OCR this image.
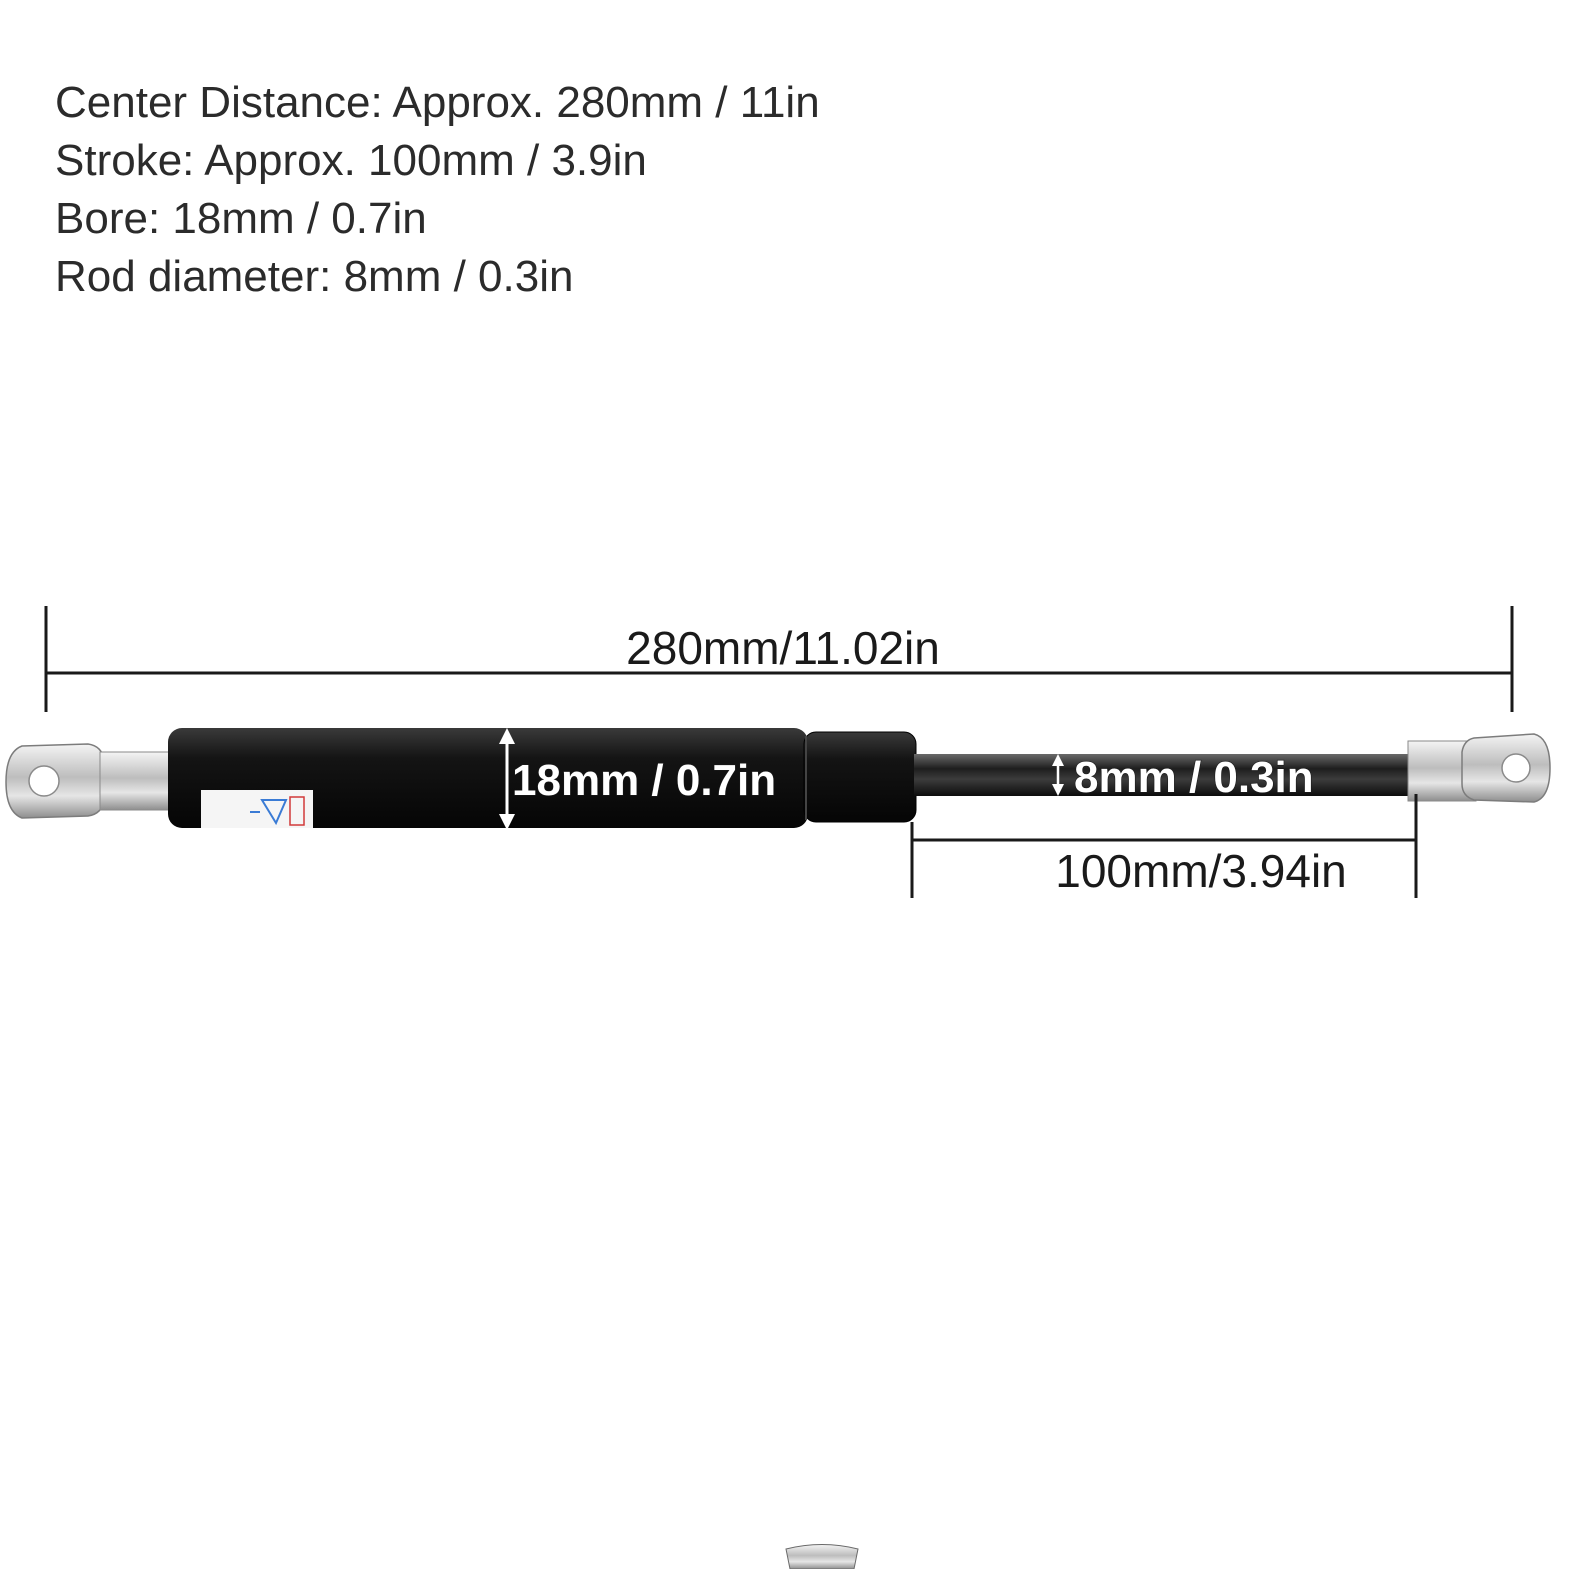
Center Distance: Approx. 280mm / 11in
Stroke: Approx. 100mm / 3.9in
Bore: 18mm / 0.7in
Rod diameter: 8mm / 0.3in
280mm/11.02in
18mm / 0.7in	8mm / 0.3in
100mm/3.94in
